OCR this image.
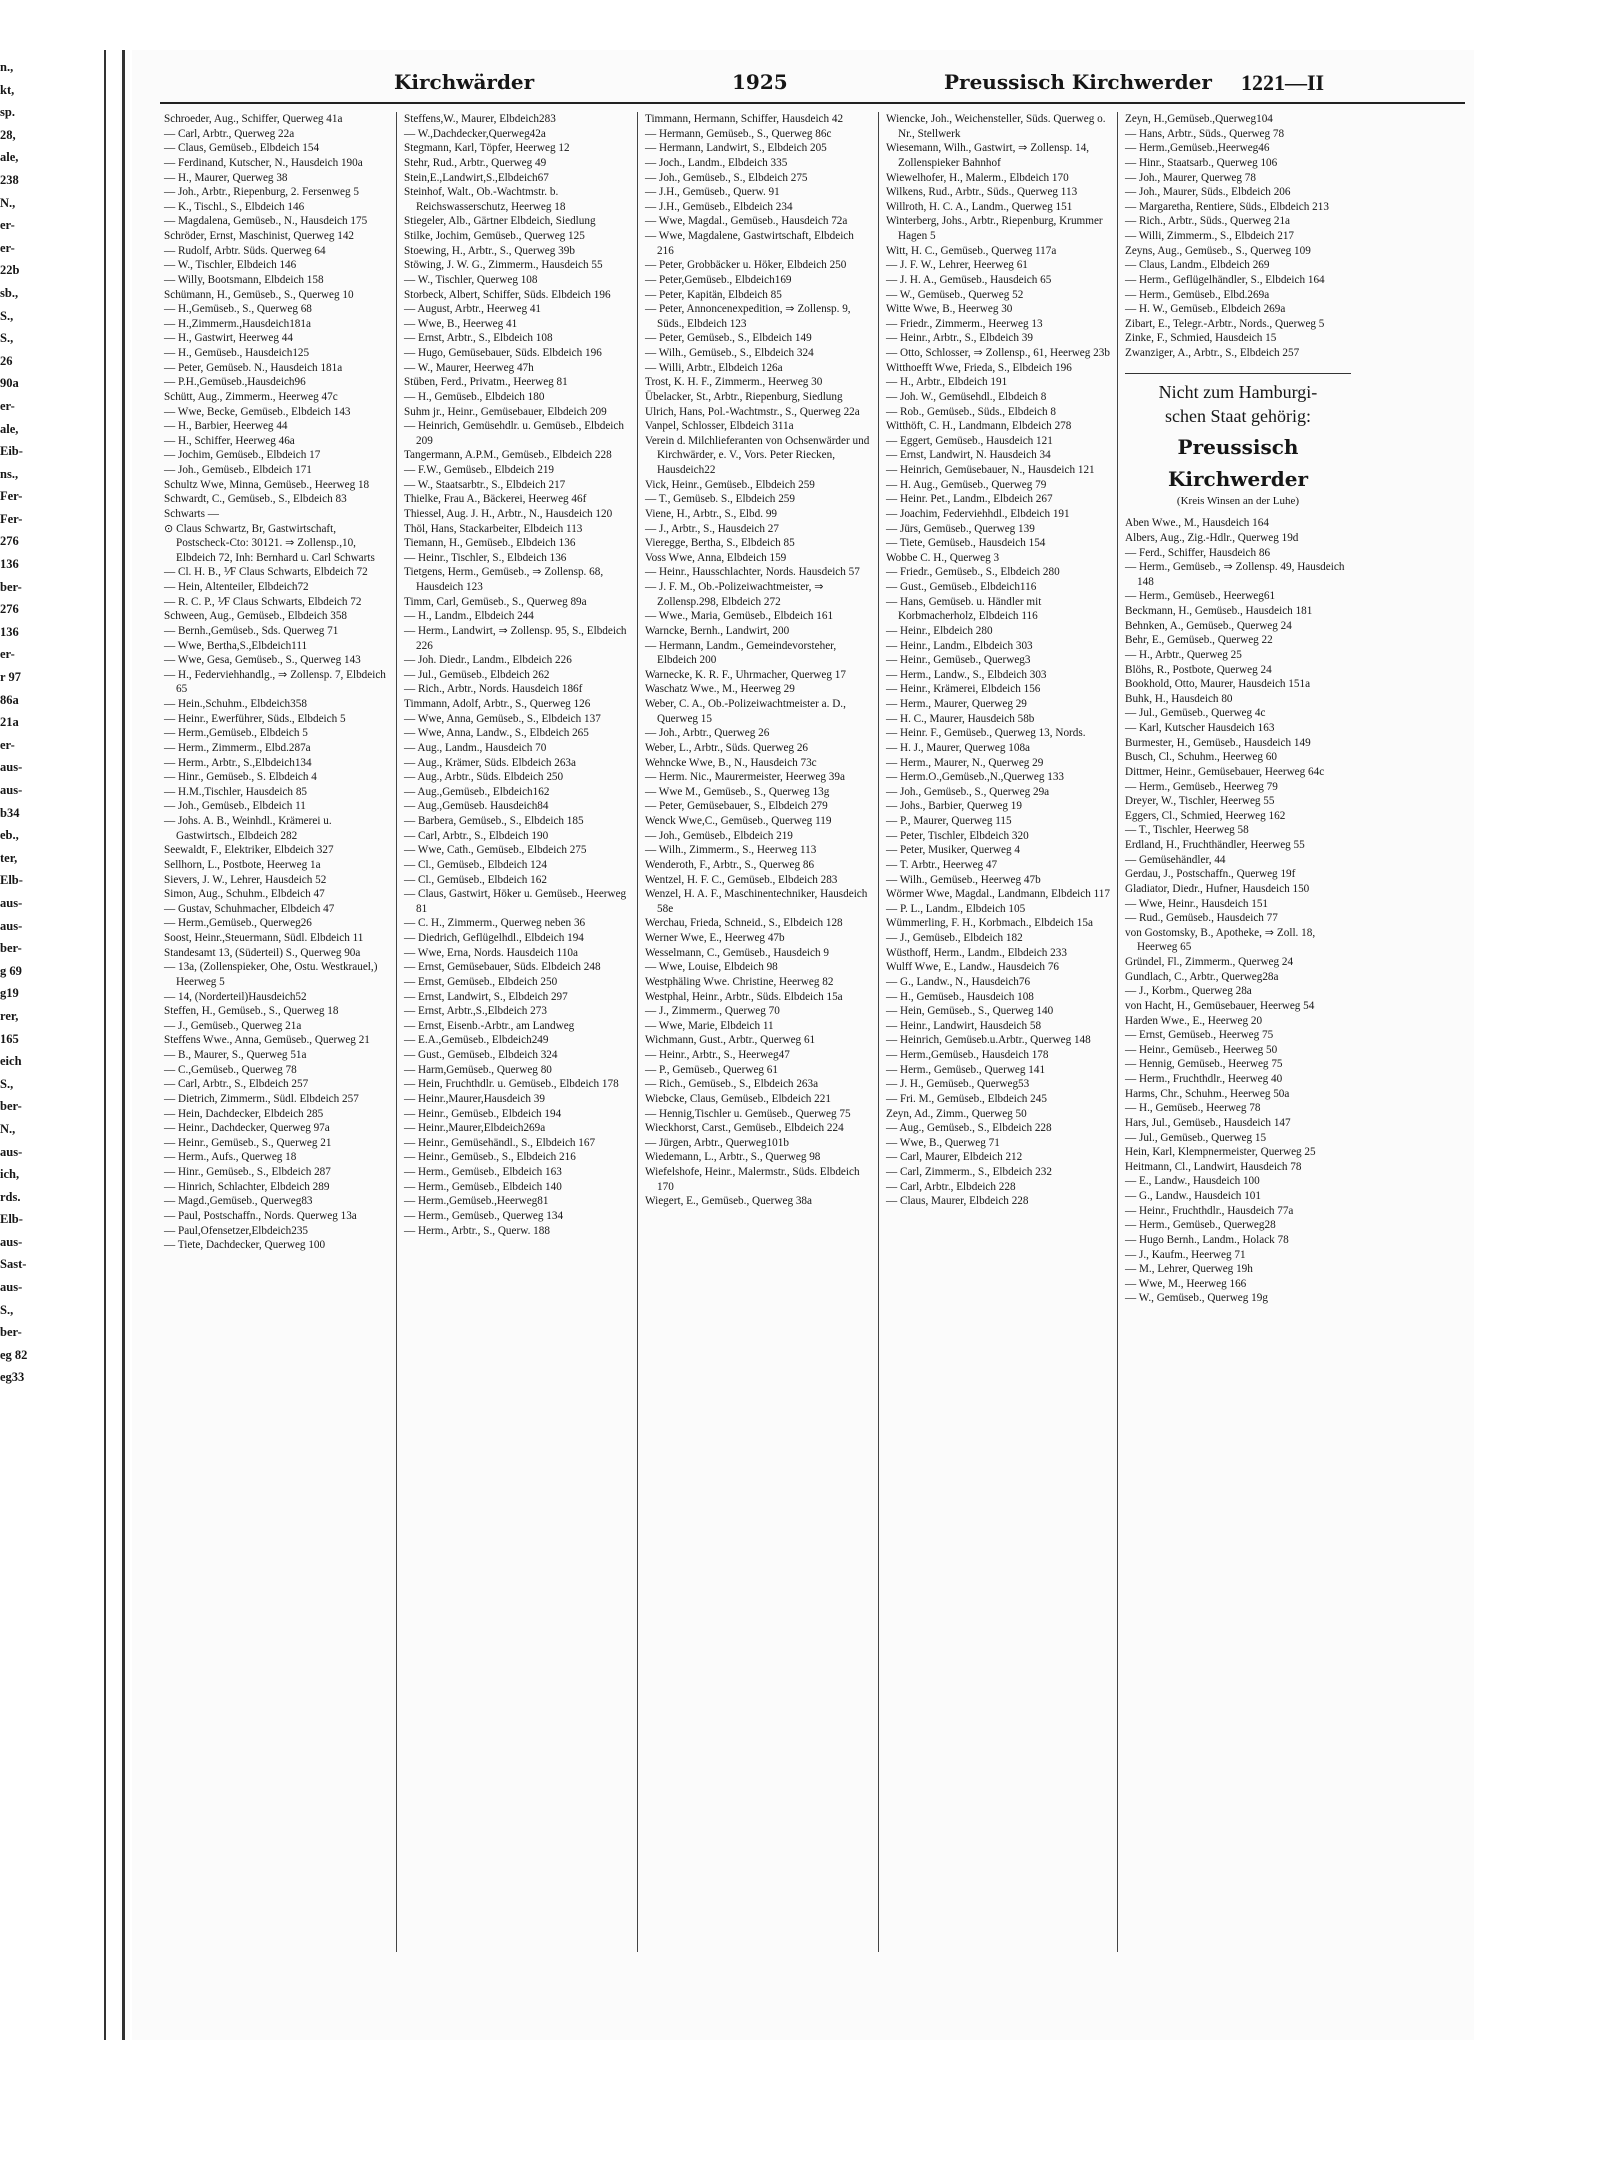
n.,
kt,
sp.
28,
ale,
238
N.,
er-
er-
22b
sb.,
S.,
S.,
26
90a
er-
ale,
Eib-
ns.,
Fer-
Fer-
276
136
ber-
276
136
er-
r 97
86a
21a
er-
aus-
aus-
b34
eb.,
ter,
Elb-
aus-
aus-
ber-
g 69
g19
rer,
165
eich
S.,
ber-
N.,
aus-
ich,
rds.
Elb-
aus-
Sast-
aus-
S.,
ber-
eg 82
eg33
Kirchwärder	1925	Preussisch Kirchwerder 1221—II
Schroeder, Aug., Schiffer, Querweg 41a
— Carl, Arbtr., Querweg 22a
— Claus, Gemüseb., Elbdeich 154
— Ferdinand, Kutscher, N., Hausdeich 190a
— H., Maurer, Querweg 38
— Joh., Arbtr., Riepenburg, 2. Fersenweg 5
— K., Tischl., S., Elbdeich 146
— Magdalena, Gemüseb., N., Hausdeich 175
Schröder, Ernst, Maschinist, Querweg 142
— Rudolf, Arbtr. Süds. Querweg 64
— W., Tischler, Elbdeich 146
— Willy, Bootsmann, Elbdeich 158
Schümann, H., Gemüseb., S., Querweg 10
— H.,Gemüseb., S., Querweg 68
— H.,Zimmerm.,Hausdeich181a
— H., Gastwirt, Heerweg 44
— H., Gemüseb., Hausdeich125
— Peter, Gemüseb. N., Hausdeich 181a
— P.H.,Gemüseb.,Hausdeich96
Schütt, Aug., Zimmerm., Heerweg 47c
— Wwe, Becke, Gemüseb., Elbdeich 143
— H., Barbier, Heerweg 44
— H., Schiffer, Heerweg 46a
— Jochim, Gemüseb., Elbdeich 17
— Joh., Gemüseb., Elbdeich 171
Schultz Wwe, Minna, Gemüseb., Heerweg 18
Schwardt, C., Gemüseb., S., Elbdeich 83
Schwarts —
⊙ Claus Schwartz, Br, Gastwirtschaft, Postscheck-Cto: 30121. ⇒ Zollensp.,10, Elbdeich 72, Inh: Bernhard u. Carl Schwarts
— Cl. H. B., ⅟F Claus Schwarts, Elbdeich 72
— Hein, Altenteiler, Elbdeich72
— R. C. P., ⅟F Claus Schwarts, Elbdeich 72
Schween, Aug., Gemüseb., Elbdeich 358
— Bernh.,Gemüseb., Sds. Querweg 71
— Wwe, Bertha,S.,Elbdeich111
— Wwe, Gesa, Gemüseb., S., Querweg 143
— H., Federviehhandlg., ⇒ Zollensp. 7, Elbdeich 65
— Hein.,Schuhm., Elbdeich358
— Heinr., Ewerführer, Süds., Elbdeich 5
— Herm.,Gemüseb., Elbdeich 5
— Herm., Zimmerm., Elbd.287a
— Herm., Arbtr., S.,Elbdeich134
— Hinr., Gemüseb., S. Elbdeich 4
— H.M.,Tischler, Hausdeich 85
— Joh., Gemüseb., Elbdeich 11
— Johs. A. B., Weinhdl., Krämerei u. Gastwirtsch., Elbdeich 282
Seewaldt, F., Elektriker, Elbdeich 327
Sellhorn, L., Postbote, Heerweg 1a
Sievers, J. W., Lehrer, Hausdeich 52
Simon, Aug., Schuhm., Elbdeich 47
— Gustav, Schuhmacher, Elbdeich 47
— Herm.,Gemüseb., Querweg26
Soost, Heinr.,Steuermann, Südl. Elbdeich 11
Standesamt 13, (Süderteil) S., Querweg 90a
— 13a, (Zollenspieker, Ohe, Ostu. Westkrauel,) Heerweg 5
— 14, (Norderteil)Hausdeich52
Steffen, H., Gemüseb., S., Querweg 18
— J., Gemüseb., Querweg 21a
Steffens Wwe., Anna, Gemüseb., Querweg 21
— B., Maurer, S., Querweg 51a
— C.,Gemüseb., Querweg 78
— Carl, Arbtr., S., Elbdeich 257
— Dietrich, Zimmerm., Südl. Elbdeich 257
— Hein, Dachdecker, Elbdeich 285
— Heinr., Dachdecker, Querweg 97a
— Heinr., Gemüseb., S., Querweg 21
— Herm., Aufs., Querweg 18
— Hinr., Gemüseb., S., Elbdeich 287
— Hinrich, Schlachter, Elbdeich 289
— Magd.,Gemüseb., Querweg83
— Paul, Postschaffn., Nords. Querweg 13a
— Paul,Ofensetzer,Elbdeich235
— Tiete, Dachdecker, Querweg 100
Steffens,W., Maurer, Elbdeich283
— W.,Dachdecker,Querweg42a
Stegmann, Karl, Töpfer, Heerweg 12
Stehr, Rud., Arbtr., Querweg 49
Stein,E.,Landwirt,S.,Elbdeich67
Steinhof, Walt., Ob.-Wachtmstr. b. Reichswasserschutz, Heerweg 18
Stiegeler, Alb., Gärtner Elbdeich, Siedlung
Stilke, Jochim, Gemüseb., Querweg 125
Stoewing, H., Arbtr., S., Querweg 39b
Stöwing, J. W. G., Zimmerm., Hausdeich 55
— W., Tischler, Querweg 108
Storbeck, Albert, Schiffer, Süds. Elbdeich 196
— August, Arbtr., Heerweg 41
— Wwe, B., Heerweg 41
— Ernst, Arbtr., S., Elbdeich 108
— Hugo, Gemüsebauer, Süds. Elbdeich 196
— W., Maurer, Heerweg 47h
Stüben, Ferd., Privatm., Heerweg 81
— H., Gemüseb., Elbdeich 180
Suhm jr., Heinr., Gemüsebauer, Elbdeich 209
— Heinrich, Gemüsehdlr. u. Gemüseb., Elbdeich 209
Tangermann, A.P.M., Gemüseb., Elbdeich 228
— F.W., Gemüseb., Elbdeich 219
— W., Staatsarbtr., S., Elbdeich 217
Thielke, Frau A., Bäckerei, Heerweg 46f
Thiessel, Aug. J. H., Arbtr., N., Hausdeich 120
Thöl, Hans, Stackarbeiter, Elbdeich 113
Tiemann, H., Gemüseb., Elbdeich 136
— Heinr., Tischler, S., Elbdeich 136
Tietgens, Herm., Gemüseb., ⇒ Zollensp. 68, Hausdeich 123
Timm, Carl, Gemüseb., S., Querweg 89a
— H., Landm., Elbdeich 244
— Herm., Landwirt, ⇒ Zollensp. 95, S., Elbdeich 226
— Joh. Diedr., Landm., Elbdeich 226
— Jul., Gemüseb., Elbdeich 262
— Rich., Arbtr., Nords. Hausdeich 186f
Timmann, Adolf, Arbtr., S., Querweg 126
— Wwe, Anna, Gemüseb., S., Elbdeich 137
— Wwe, Anna, Landw., S., Elbdeich 265
— Aug., Landm., Hausdeich 70
— Aug., Krämer, Süds. Elbdeich 263a
— Aug., Arbtr., Süds. Elbdeich 250
— Aug.,Gemüseb., Elbdeich162
— Aug.,Gemüseb. Hausdeich84
— Barbera, Gemüseb., S., Elbdeich 185
— Carl, Arbtr., S., Elbdeich 190
— Wwe, Cath., Gemüseb., Elbdeich 275
— Cl., Gemüseb., Elbdeich 124
— Cl., Gemüseb., Elbdeich 162
— Claus, Gastwirt, Höker u. Gemüseb., Heerweg 81
— C. H., Zimmerm., Querweg neben 36
— Diedrich, Geflügelhdl., Elbdeich 194
— Wwe, Erna, Nords. Hausdeich 110a
— Ernst, Gemüsebauer, Süds. Elbdeich 248
— Ernst, Gemüseb., Elbdeich 250
— Ernst, Landwirt, S., Elbdeich 297
— Ernst, Arbtr.,S.,Elbdeich 273
— Ernst, Eisenb.-Arbtr., am Landweg
— E.A.,Gemüseb., Elbdeich249
— Gust., Gemüseb., Elbdeich 324
— Harm,Gemüseb., Querweg 80
— Hein, Fruchthdlr. u. Gemüseb., Elbdeich 178
— Heinr.,Maurer,Hausdeich 39
— Heinr., Gemüseb., Elbdeich 194
— Heinr.,Maurer,Elbdeich269a
— Heinr., Gemüsehändl., S., Elbdeich 167
— Heinr., Gemüseb., S., Elbdeich 216
— Herm., Gemüseb., Elbdeich 163
— Herm., Gemüseb., Elbdeich 140
— Herm.,Gemüseb.,Heerweg81
— Herm., Gemüseb., Querweg 134
— Herm., Arbtr., S., Querw. 188
Timmann, Hermann, Schiffer, Hausdeich 42
— Hermann, Gemüseb., S., Querweg 86c
— Hermann, Landwirt, S., Elbdeich 205
— Joch., Landm., Elbdeich 335
— Joh., Gemüseb., S., Elbdeich 275
— J.H., Gemüseb., Querw. 91
— J.H., Gemüseb., Elbdeich 234
— Wwe, Magdal., Gemüseb., Hausdeich 72a
— Wwe, Magdalene, Gastwirtschaft, Elbdeich 216
— Peter, Grobbäcker u. Höker, Elbdeich 250
— Peter,Gemüseb., Elbdeich169
— Peter, Kapitän, Elbdeich 85
— Peter, Annoncenexpedition, ⇒ Zollensp. 9, Süds., Elbdeich 123
— Peter, Gemüseb., S., Elbdeich 149
— Wilh., Gemüseb., S., Elbdeich 324
— Willi, Arbtr., Elbdeich 126a
Trost, K. H. F., Zimmerm., Heerweg 30
Übelacker, St., Arbtr., Riepenburg, Siedlung
Ulrich, Hans, Pol.-Wachtmstr., S., Querweg 22a
Vanpel, Schlosser, Elbdeich 311a
Verein d. Milchlieferanten von Ochsenwärder und Kirchwärder, e. V., Vors. Peter Riecken, Hausdeich22
Vick, Heinr., Gemüseb., Elbdeich 259
— T., Gemüseb. S., Elbdeich 259
Viene, H., Arbtr., S., Elbd. 99
— J., Arbtr., S., Hausdeich 27
Vieregge, Bertha, S., Elbdeich 85
Voss Wwe, Anna, Elbdeich 159
— Heinr., Hausschlachter, Nords. Hausdeich 57
— J. F. M., Ob.-Polizeiwachtmeister, ⇒ Zollensp.298, Elbdeich 272
— Wwe., Maria, Gemüseb., Elbdeich 161
Warncke, Bernh., Landwirt, 200
— Hermann, Landm., Gemeindevorsteher, Elbdeich 200
Warnecke, K. R. F., Uhrmacher, Querweg 17
Waschatz Wwe., M., Heerweg 29
Weber, C. A., Ob.-Polizeiwachtmeister a. D., Querweg 15
— Joh., Arbtr., Querweg 26
Weber, L., Arbtr., Süds. Querweg 26
Wehncke Wwe, B., N., Hausdeich 73c
— Herm. Nic., Maurermeister, Heerweg 39a
— Wwe M., Gemüseb., S., Querweg 13g
— Peter, Gemüsebauer, S., Elbdeich 279
Wenck Wwe,C., Gemüseb., Querweg 119
— Joh., Gemüseb., Elbdeich 219
— Wilh., Zimmerm., S., Heerweg 113
Wenderoth, F., Arbtr., S., Querweg 86
Wentzel, H. F. C., Gemüseb., Elbdeich 283
Wenzel, H. A. F., Maschinentechniker, Hausdeich 58e
Werchau, Frieda, Schneid., S., Elbdeich 128
Werner Wwe, E., Heerweg 47b
Wesselmann, C., Gemüseb., Hausdeich 9
— Wwe, Louise, Elbdeich 98
Westphäling Wwe. Christine, Heerweg 82
Westphal, Heinr., Arbtr., Süds. Elbdeich 15a
— J., Zimmerm., Querweg 70
— Wwe, Marie, Elbdeich 11
Wichmann, Gust., Arbtr., Querweg 61
— Heinr., Arbtr., S., Heerweg47
— P., Gemüseb., Querweg 61
— Rich., Gemüseb., S., Elbdeich 263a
Wiebcke, Claus, Gemüseb., Elbdeich 221
— Hennig,Tischler u. Gemüseb., Querweg 75
Wieckhorst, Carst., Gemüseb., Elbdeich 224
— Jürgen, Arbtr., Querweg101b
Wiedemann, L., Arbtr., S., Querweg 98
Wiefelshofe, Heinr., Malermstr., Süds. Elbdeich 170
Wiegert, E., Gemüseb., Querweg 38a
Wiencke, Joh., Weichensteller, Süds. Querweg o. Nr., Stellwerk
Wiesemann, Wilh., Gastwirt, ⇒ Zollensp. 14, Zollenspieker Bahnhof
Wiewelhofer, H., Malerm., Elbdeich 170
Wilkens, Rud., Arbtr., Süds., Querweg 113
Willroth, H. C. A., Landm., Querweg 151
Winterberg, Johs., Arbtr., Riepenburg, Krummer Hagen 5
Witt, H. C., Gemüseb., Querweg 117a
— J. F. W., Lehrer, Heerweg 61
— J. H. A., Gemüseb., Hausdeich 65
— W., Gemüseb., Querweg 52
Witte Wwe, B., Heerweg 30
— Friedr., Zimmerm., Heerweg 13
— Heinr., Arbtr., S., Elbdeich 39
— Otto, Schlosser, ⇒ Zollensp., 61, Heerweg 23b
Witthoefft Wwe, Frieda, S., Elbdeich 196
— H., Arbtr., Elbdeich 191
— Joh. W., Gemüsehdl., Elbdeich 8
— Rob., Gemüseb., Süds., Elbdeich 8
Witthöft, C. H., Landmann, Elbdeich 278
— Eggert, Gemüseb., Hausdeich 121
— Ernst, Landwirt, N. Hausdeich 34
— Heinrich, Gemüsebauer, N., Hausdeich 121
— H. Aug., Gemüseb., Querweg 79
— Heinr. Pet., Landm., Elbdeich 267
— Joachim, Federviehhdl., Elbdeich 191
— Jürs, Gemüseb., Querweg 139
— Tiete, Gemüseb., Hausdeich 154
Wobbe C. H., Querweg 3
— Friedr., Gemüseb., S., Elbdeich 280
— Gust., Gemüseb., Elbdeich116
— Hans, Gemüseb. u. Händler mit Korbmacherholz, Elbdeich 116
— Heinr., Elbdeich 280
— Heinr., Landm., Elbdeich 303
— Heinr., Gemüseb., Querweg3
— Herm., Landw., S., Elbdeich 303
— Heinr., Krämerei, Elbdeich 156
— Herm., Maurer, Querweg 29
— H. C., Maurer, Hausdeich 58b
— Heinr. F., Gemüseb., Querweg 13, Nords.
— H. J., Maurer, Querweg 108a
— Herm., Maurer, N., Querweg 29
— Herm.O.,Gemüseb.,N.,Querweg 133
— Joh., Gemüseb., S., Querweg 29a
— Johs., Barbier, Querweg 19
— P., Maurer, Querweg 115
— Peter, Tischler, Elbdeich 320
— Peter, Musiker, Querweg 4
— T. Arbtr., Heerweg 47
— Wilh., Gemüseb., Heerweg 47b
Wörmer Wwe, Magdal., Landmann, Elbdeich 117
— P. L., Landm., Elbdeich 105
Wümmerling, F. H., Korbmach., Elbdeich 15a
— J., Gemüseb., Elbdeich 182
Wüsthoff, Herm., Landm., Elbdeich 233
Wulff Wwe, E., Landw., Hausdeich 76
— G., Landw., N., Hausdeich76
— H., Gemüseb., Hausdeich 108
— Hein, Gemüseb., S., Querweg 140
— Heinr., Landwirt, Hausdeich 58
— Heinrich, Gemüseb.u.Arbtr., Querweg 148
— Herm.,Gemüseb., Hausdeich 178
— Herm., Gemüseb., Querweg 141
— J. H., Gemüseb., Querweg53
— Fri. M., Gemüseb., Elbdeich 245
Zeyn, Ad., Zimm., Querweg 50
— Aug., Gemüseb., S., Elbdeich 228
— Wwe, B., Querweg 71
— Carl, Maurer, Elbdeich 212
— Carl, Zimmerm., S., Elbdeich 232
— Carl, Arbtr., Elbdeich 228
— Claus, Maurer, Elbdeich 228
Zeyn, H.,Gemüseb.,Querweg104
— Hans, Arbtr., Süds., Querweg 78
— Herm.,Gemüseb.,Heerweg46
— Hinr., Staatsarb., Querweg 106
— Joh., Maurer, Querweg 78
— Joh., Maurer, Süds., Elbdeich 206
— Margaretha, Rentiere, Süds., Elbdeich 213
— Rich., Arbtr., Süds., Querweg 21a
— Willi, Zimmerm., S., Elbdeich 217
Zeyns, Aug., Gemüseb., S., Querweg 109
— Claus, Landm., Elbdeich 269
— Herm., Geflügelhändler, S., Elbdeich 164
— Herm., Gemüseb., Elbd.269a
— H. W., Gemüseb., Elbdeich 269a
Zibart, E., Telegr.-Arbtr., Nords., Querweg 5
Zinke, F., Schmied, Hausdeich 15
Zwanziger, A., Arbtr., S., Elbdeich 257
Nicht zum Hamburgi-
schen Staat gehörig:
Preussisch
Kirchwerder
(Kreis Winsen an der Luhe)
Aben Wwe., M., Hausdeich 164
Albers, Aug., Zig.-Hdlr., Querweg 19d
— Ferd., Schiffer, Hausdeich 86
— Herm., Gemüseb., ⇒ Zollensp. 49, Hausdeich 148
— Herm., Gemüseb., Heerweg61
Beckmann, H., Gemüseb., Hausdeich 181
Behnken, A., Gemüseb., Querweg 24
Behr, E., Gemüseb., Querweg 22
— H., Arbtr., Querweg 25
Blöhs, R., Postbote, Querweg 24
Bookhold, Otto, Maurer, Hausdeich 151a
Buhk, H., Hausdeich 80
— Jul., Gemüseb., Querweg 4c
— Karl, Kutscher Hausdeich 163
Burmester, H., Gemüseb., Hausdeich 149
Busch, Cl., Schuhm., Heerweg 60
Dittmer, Heinr., Gemüsebauer, Heerweg 64c
— Herm., Gemüseb., Heerweg 79
Dreyer, W., Tischler, Heerweg 55
Eggers, Cl., Schmied, Heerweg 162
— T., Tischler, Heerweg 58
Erdland, H., Fruchthändler, Heerweg 55
— Gemüsehändler, 44
Gerdau, J., Postschaffn., Querweg 19f
Gladiator, Diedr., Hufner, Hausdeich 150
— Wwe, Heinr., Hausdeich 151
— Rud., Gemüseb., Hausdeich 77
von Gostomsky, B., Apotheke, ⇒ Zoll. 18, Heerweg 65
Gründel, Fl., Zimmerm., Querweg 24
Gundlach, C., Arbtr., Querweg28a
— J., Korbm., Querweg 28a
von Hacht, H., Gemüsebauer, Heerweg 54
Harden Wwe., E., Heerweg 20
— Ernst, Gemüseb., Heerweg 75
— Heinr., Gemüseb., Heerweg 50
— Hennig, Gemüseb., Heerweg 75
— Herm., Fruchthdlr., Heerweg 40
Harms, Chr., Schuhm., Heerweg 50a
— H., Gemüseb., Heerweg 78
Hars, Jul., Gemüseb., Hausdeich 147
— Jul., Gemüseb., Querweg 15
Hein, Karl, Klempnermeister, Querweg 25
Heitmann, Cl., Landwirt, Hausdeich 78
— E., Landw., Hausdeich 100
— G., Landw., Hausdeich 101
— Heinr., Fruchthdlr., Hausdeich 77a
— Herm., Gemüseb., Querweg28
— Hugo Bernh., Landm., Holack 78
— J., Kaufm., Heerweg 71
— M., Lehrer, Querweg 19h
— Wwe, M., Heerweg 166
— W., Gemüseb., Querweg 19g
